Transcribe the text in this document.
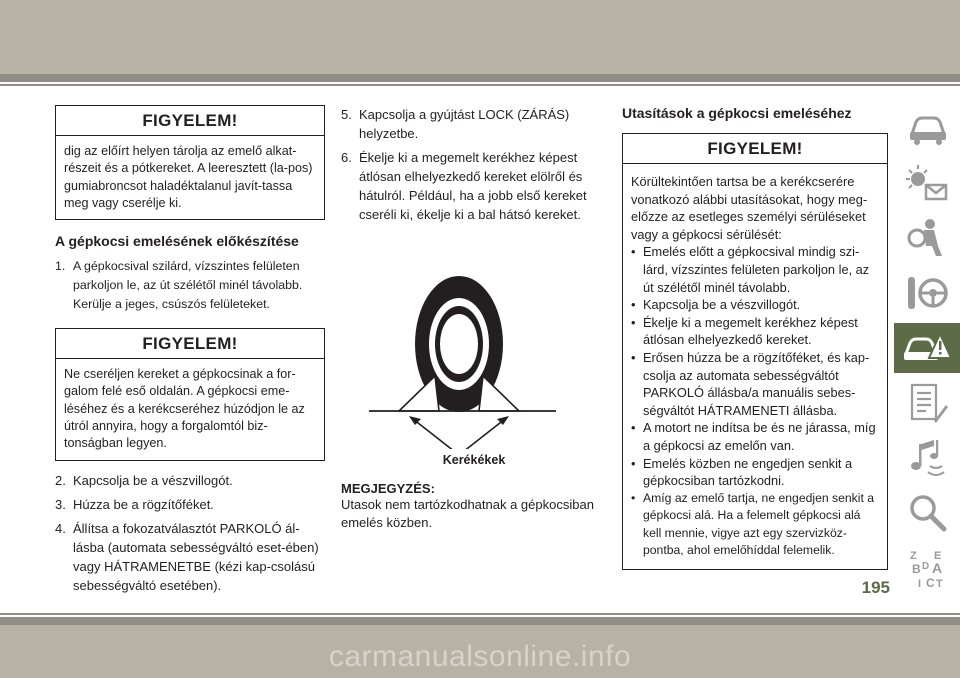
FIGYELEM!
dig az előírt helyen tárolja az emelő alkat-részeit és a pótkereket. A leeresztett (la-pos) gumiabroncsot haladéktalanul javít-tassa meg vagy cserélje ki.
A gépkocsi emelésének előkészítése
1. A gépkocsival szilárd, vízszintes felületen parkoljon le, az út szélétől minél távolabb. Kerülje a jeges, csúszós felületeket.
FIGYELEM!
Ne cseréljen kereket a gépkocsinak a for-galom felé eső oldalán. A gépkocsi eme-léséhez és a kerékcseréhez húzódjon le az útról annyira, hogy a forgalomtól biz-tonságban legyen.
2. Kapcsolja be a vészvillogót.
3. Húzza be a rögzítőféket.
4. Állítsa a fokozatválasztót PARKOLÓ ál-lásba (automata sebességváltó eset-ében) vagy HÁTRAMENETBE (kézi kap-csolású sebességváltó esetében).
5. Kapcsolja a gyújtást LOCK (ZÁRÁS) helyzetbe.
6. Ékelje ki a megemelt kerékhez képest átlósan elhelyezkedő kereket elölről és hátulról. Például, ha a jobb első kereket cseréli ki, ékelje ki a bal hátsó kereket.
Kerékékek
MEGJEGYZÉS:
Utasok nem tartózkodhatnak a gépkocsiban emelés közben.
Utasítások a gépkocsi emeléséhez
FIGYELEM!
Körültekintően tartsa be a kerékcserére vonatkozó alábbi utasításokat, hogy meg-előzze az esetleges személyi sérüléseket vagy a gépkocsi sérülését:
• Emelés előtt a gépkocsival mindig szi-lárd, vízszintes felületen parkoljon le, az út szélétől minél távolabb.
• Kapcsolja be a vészvillogót.
• Ékelje ki a megemelt kerékhez képest átlósan elhelyezkedő kereket.
• Erősen húzza be a rögzítőféket, és kap-csolja az automata sebességváltót PARKOLÓ állásba/a manuális sebes-ségváltót HÁTRAMENETI állásba.
• A motort ne indítsa be és ne járassa, míg a gépkocsi az emelőn van.
• Emelés közben ne engedjen senkit a gépkocsiban tartózkodni.
• Amíg az emelő tartja, ne engedjen senkit a gépkocsi alá. Ha a felemelt gépkocsi alá kell mennie, vigye azt egy szervizköz-pontba, ahol emelőhíddal felemelik.	Z E
B A
D
I C T
195
carmanualsonline.info
